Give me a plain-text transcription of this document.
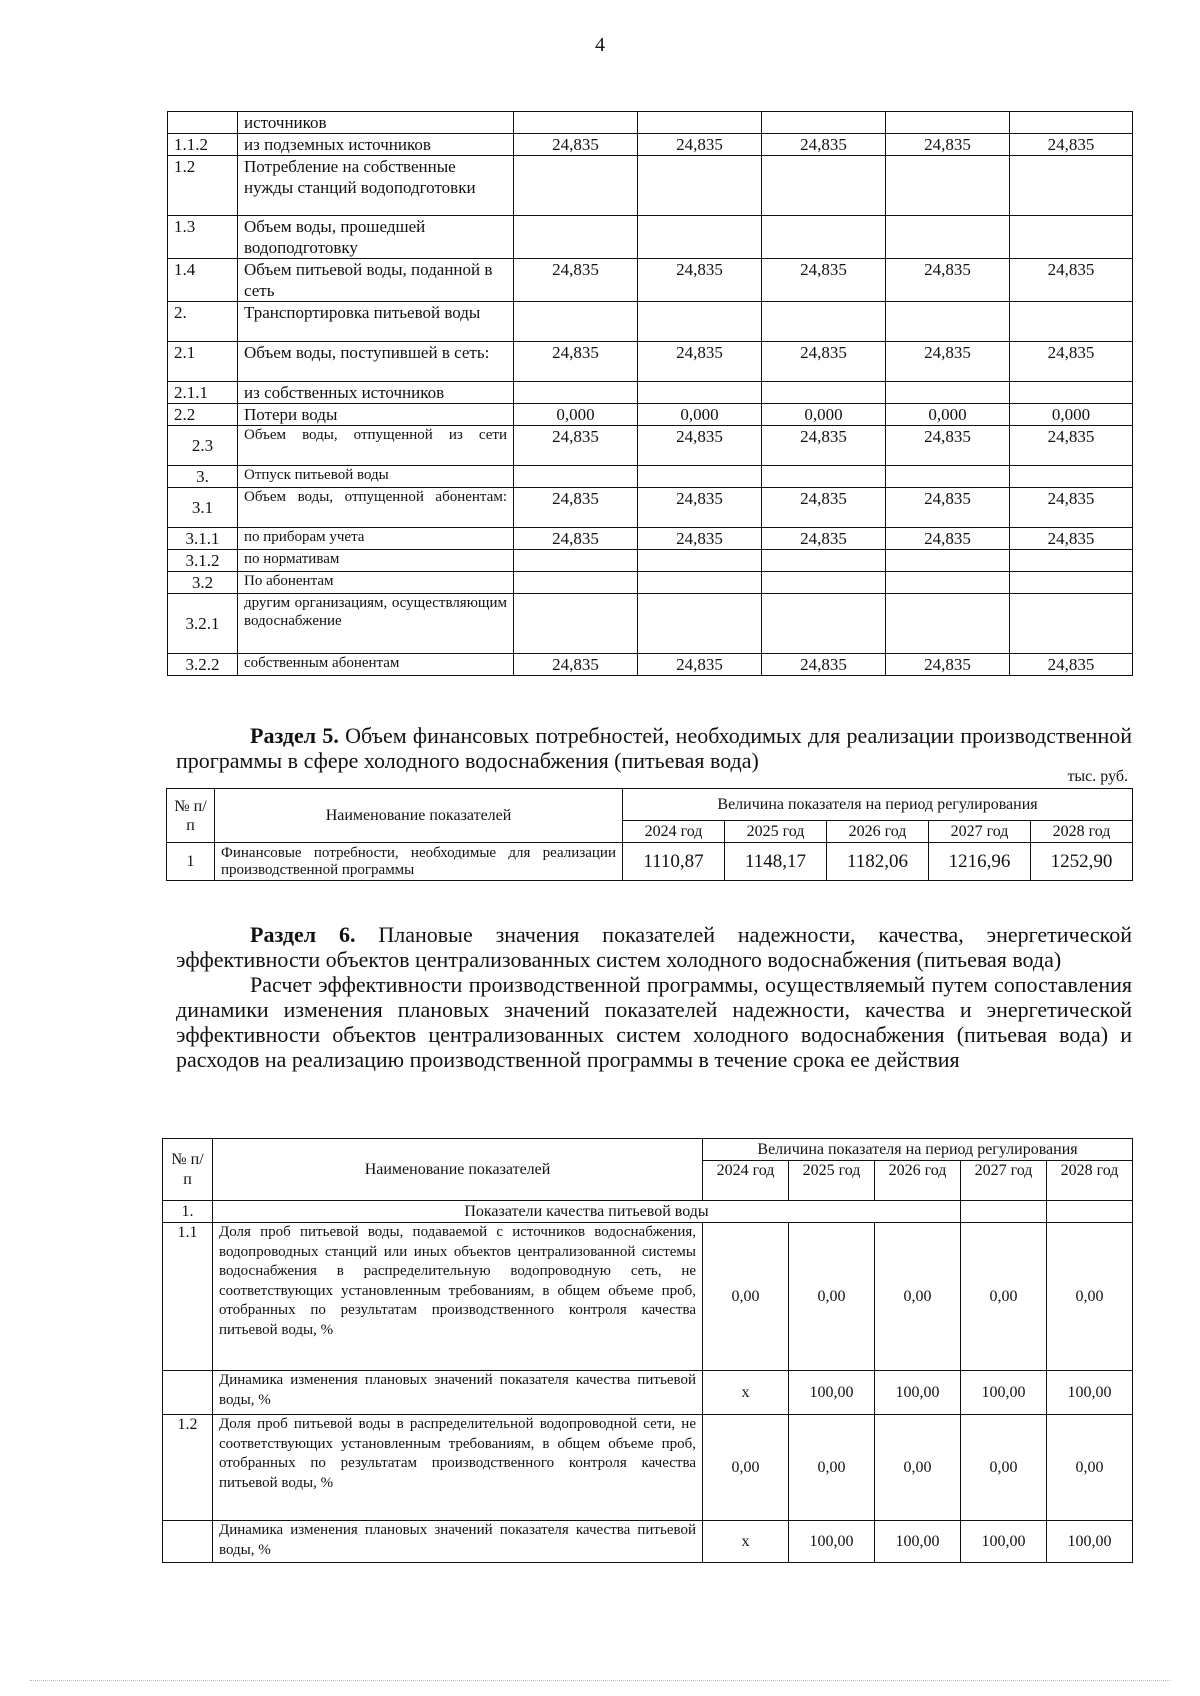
4
	источников					
1.1.2	из подземных источников	24,835	24,835	24,835	24,835	24,835
1.2	Потребление на собственные нужды станций водоподготовки					
1.3	Объем воды, прошедшей водоподготовку					
1.4	Объем питьевой воды, поданной в сеть	24,835	24,835	24,835	24,835	24,835
2.	Транспортировка питьевой воды					
2.1	Объем воды, поступившей в сеть:	24,835	24,835	24,835	24,835	24,835
2.1.1	из собственных источников					
2.2	Потери воды	0,000	0,000	0,000	0,000	0,000
2.3	Объем воды, отпущенной из сети	24,835	24,835	24,835	24,835	24,835
3.	Отпуск питьевой воды					
3.1	Объем воды, отпущенной абонентам:	24,835	24,835	24,835	24,835	24,835
3.1.1	по приборам учета	24,835	24,835	24,835	24,835	24,835
3.1.2	по нормативам					
3.2	По абонентам					
3.2.1	другим организациям, осуществляющим водоснабжение					
3.2.2	собственным абонентам	24,835	24,835	24,835	24,835	24,835

Раздел 5. Объем финансовых потребностей, необходимых для реализации производственной программы в сфере холодного водоснабжения (питьевая вода)

тыс. руб.
№ п/п	Наименование показателей	Величина показателя на период регулирования				
		2024 год	2025 год	2026 год	2027 год	2028 год
1	Финансовые потребности, необходимые для реализации производственной программы	1110,87	1148,17	1182,06	1216,96	1252,90

Раздел 6. Плановые значения показателей надежности, качества, энергетической эффективности объектов централизованных систем холодного водоснабжения (питьевая вода)

Расчет эффективности производственной программы, осуществляемый путем сопоставления динамики изменения плановых значений показателей надежности, качества и энергетической эффективности объектов централизованных систем холодного водоснабжения (питьевая вода) и расходов на реализацию производственной программы в течение срока ее действия

№ п/п	Наименование показателей	Величина показателя на период регулирования				
		2024 год	2025 год	2026 год	2027 год	2028 год
1.	Показатели качества питьевой воды					
1.1	Доля проб питьевой воды, подаваемой с источников водоснабжения, водопроводных станций или иных объектов централизованной системы водоснабжения в распределительную водопроводную сеть, не соответствующих установленным требованиям, в общем объеме проб, отобранных по результатам производственного контроля качества питьевой воды, %	0,00	0,00	0,00	0,00	0,00
	Динамика изменения плановых значений показателя качества питьевой воды, %	х	100,00	100,00	100,00	100,00
1.2	Доля проб питьевой воды в распределительной водопроводной сети, не соответствующих установленным требованиям, в общем объеме проб, отобранных по результатам производственного контроля качества питьевой воды, %	0,00	0,00	0,00	0,00	0,00
	Динамика изменения плановых значений показателя качества питьевой воды, %	х	100,00	100,00	100,00	100,00
